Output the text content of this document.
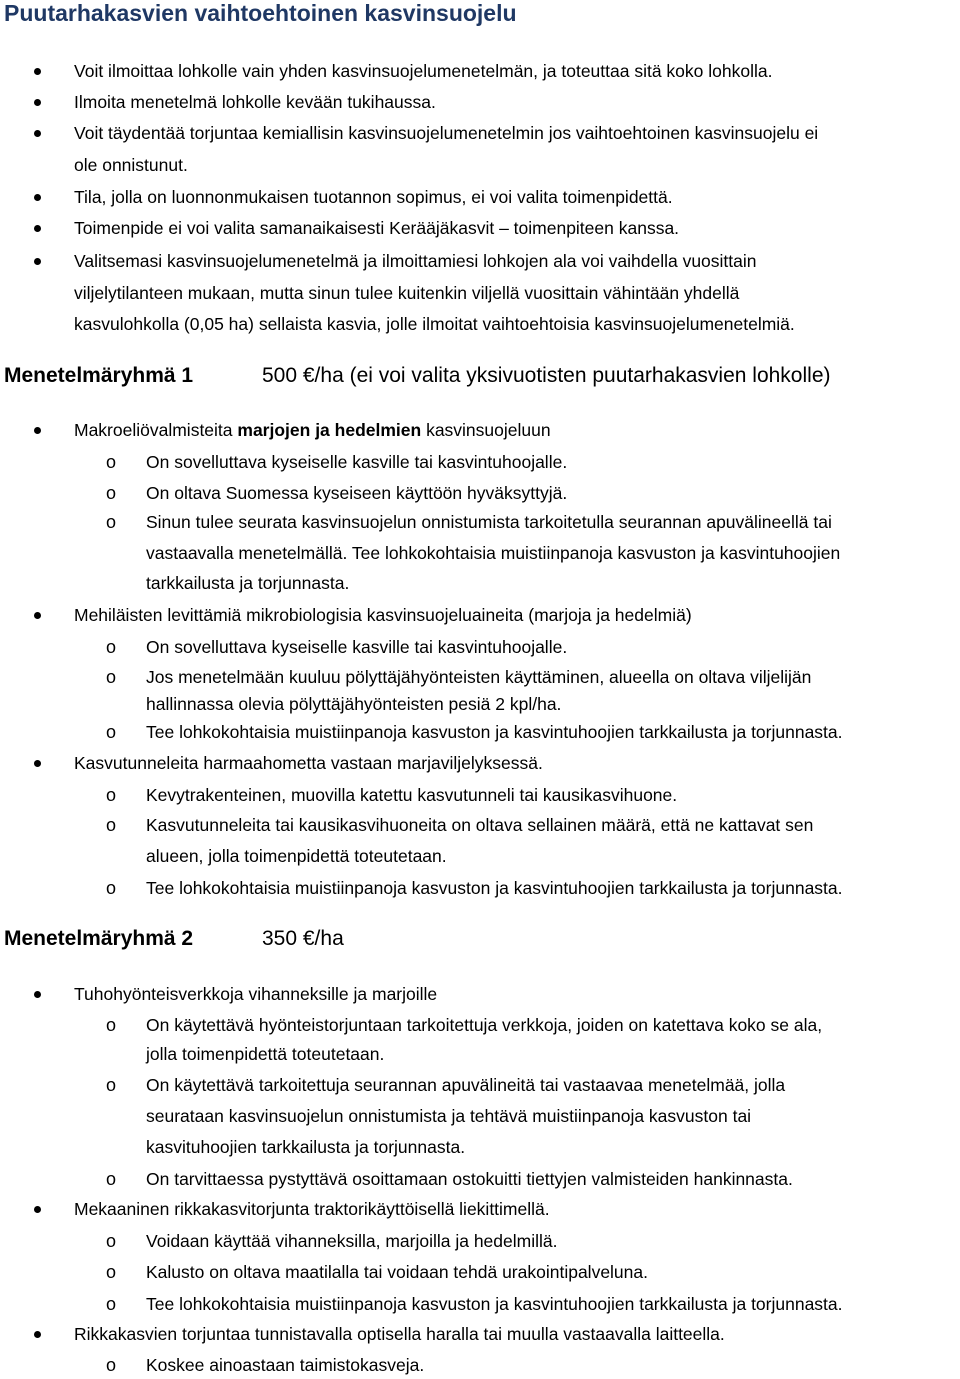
Puutarhakasvien vaihtoehtoinen kasvinsuojelu
Voit ilmoittaa lohkolle vain yhden kasvinsuojelumenetelmän, ja toteuttaa sitä koko lohkolla.
Ilmoita menetelmä lohkolle kevään tukihaussa.
Voit täydentää torjuntaa kemiallisin kasvinsuojelumenetelmin jos vaihtoehtoinen kasvinsuojelu ei
ole onnistunut.
Tila, jolla on luonnonmukaisen tuotannon sopimus, ei voi valita toimenpidettä.
Toimenpide ei voi valita samanaikaisesti Kerääjäkasvit – toimenpiteen kanssa.
Valitsemasi kasvinsuojelumenetelmä ja ilmoittamiesi lohkojen ala voi vaihdella vuosittain
viljelytilanteen mukaan, mutta sinun tulee kuitenkin viljellä vuosittain vähintään yhdellä
kasvulohkolla (0,05 ha) sellaista kasvia, jolle ilmoitat vaihtoehtoisia kasvinsuojelumenetelmiä.
Menetelmäryhmä 1	500 €/ha (ei voi valita yksivuotisten puutarhakasvien lohkolle)
Makroeliövalmisteita marjojen ja hedelmien kasvinsuojeluun
o On sovelluttava kyseiselle kasville tai kasvintuhoojalle.
o On oltava Suomessa kyseiseen käyttöön hyväksyttyjä.
o Sinun tulee seurata kasvinsuojelun onnistumista tarkoitetulla seurannan apuvälineellä tai
vastaavalla menetelmällä. Tee lohkokohtaisia muistiinpanoja kasvuston ja kasvintuhoojien
tarkkailusta ja torjunnasta.
Mehiläisten levittämiä mikrobiologisia kasvinsuojeluaineita (marjoja ja hedelmiä)
o On sovelluttava kyseiselle kasville tai kasvintuhoojalle.
o Jos menetelmään kuuluu pölyttäjähyönteisten käyttäminen, alueella on oltava viljelijän
hallinnassa olevia pölyttäjähyönteisten pesiä 2 kpl/ha.
o Tee lohkokohtaisia muistiinpanoja kasvuston ja kasvintuhoojien tarkkailusta ja torjunnasta.
Kasvutunneleita harmaahometta vastaan marjaviljelyksessä.
o Kevytrakenteinen, muovilla katettu kasvutunneli tai kausikasvihuone.
o Kasvutunneleita tai kausikasvihuoneita on oltava sellainen määrä, että ne kattavat sen
alueen, jolla toimenpidettä toteutetaan.
o Tee lohkokohtaisia muistiinpanoja kasvuston ja kasvintuhoojien tarkkailusta ja torjunnasta.
Menetelmäryhmä 2	350 €/ha
Tuhohyönteisverkkoja vihanneksille ja marjoille
o On käytettävä hyönteistorjuntaan tarkoitettuja verkkoja, joiden on katettava koko se ala,
jolla toimenpidettä toteutetaan.
o On käytettävä tarkoitettuja seurannan apuvälineitä tai vastaavaa menetelmää, jolla
seurataan kasvinsuojelun onnistumista ja tehtävä muistiinpanoja kasvuston tai
kasvituhoojien tarkkailusta ja torjunnasta.
o On tarvittaessa pystyttävä osoittamaan ostokuitti tiettyjen valmisteiden hankinnasta.
Mekaaninen rikkakasvitorjunta traktorikäyttöisellä liekittimellä.
o Voidaan käyttää vihanneksilla, marjoilla ja hedelmillä.
o Kalusto on oltava maatilalla tai voidaan tehdä urakointipalveluna.
o Tee lohkokohtaisia muistiinpanoja kasvuston ja kasvintuhoojien tarkkailusta ja torjunnasta.
Rikkakasvien torjuntaa tunnistavalla optisella haralla tai muulla vastaavalla laitteella.
o Koskee ainoastaan taimistokasveja.
